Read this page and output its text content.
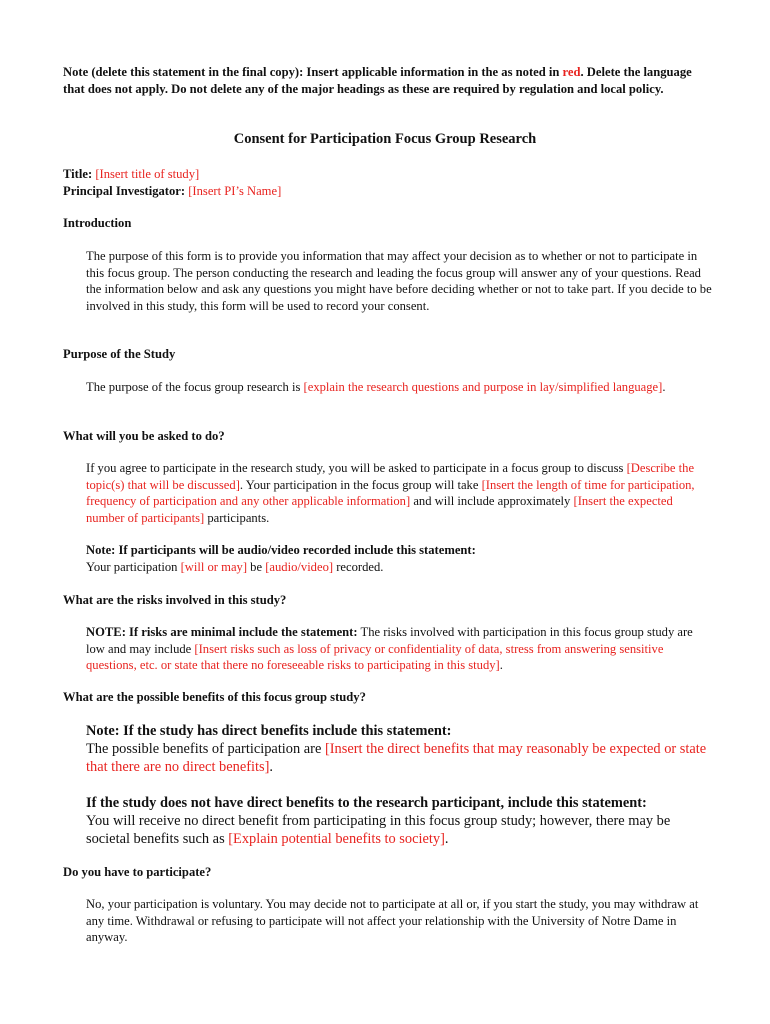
Note (delete this statement in the final copy): Insert applicable information in the as noted in red. Delete the language that does not apply. Do not delete any of the major headings as these are required by regulation and local policy.
Consent for Participation Focus Group Research
Title: [Insert title of study]
Principal Investigator: [Insert PI’s Name]
Introduction
The purpose of this form is to provide you information that may affect your decision as to whether or not to participate in this focus group. The person conducting the research and leading the focus group will answer any of your questions. Read the information below and ask any questions you might have before deciding whether or not to take part. If you decide to be involved in this study, this form will be used to record your consent.
Purpose of the Study
The purpose of the focus group research is [explain the research questions and purpose in lay/simplified language].
What will you be asked to do?
If you agree to participate in the research study, you will be asked to participate in a focus group to discuss [Describe the topic(s) that will be discussed]. Your participation in the focus group will take [Insert the length of time for participation, frequency of participation and any other applicable information] and will include approximately [Insert the expected number of participants] participants.
Note: If participants will be audio/video recorded include this statement:
Your participation [will or may] be [audio/video] recorded.
What are the risks involved in this study?
NOTE: If risks are minimal include the statement: The risks involved with participation in this focus group study are low and may include [Insert risks such as loss of privacy or confidentiality of data, stress from answering sensitive questions, etc. or state that there no foreseeable risks to participating in this study].
What are the possible benefits of this focus group study?
Note: If the study has direct benefits include this statement:
The possible benefits of participation are [Insert the direct benefits that may reasonably be expected or state that there are no direct benefits].
If the study does not have direct benefits to the research participant, include this statement:
You will receive no direct benefit from participating in this focus group study; however, there may be societal benefits such as [Explain potential benefits to society].
Do you have to participate?
No, your participation is voluntary. You may decide not to participate at all or, if you start the study, you may withdraw at any time. Withdrawal or refusing to participate will not affect your relationship with the University of Notre Dame in anyway.
